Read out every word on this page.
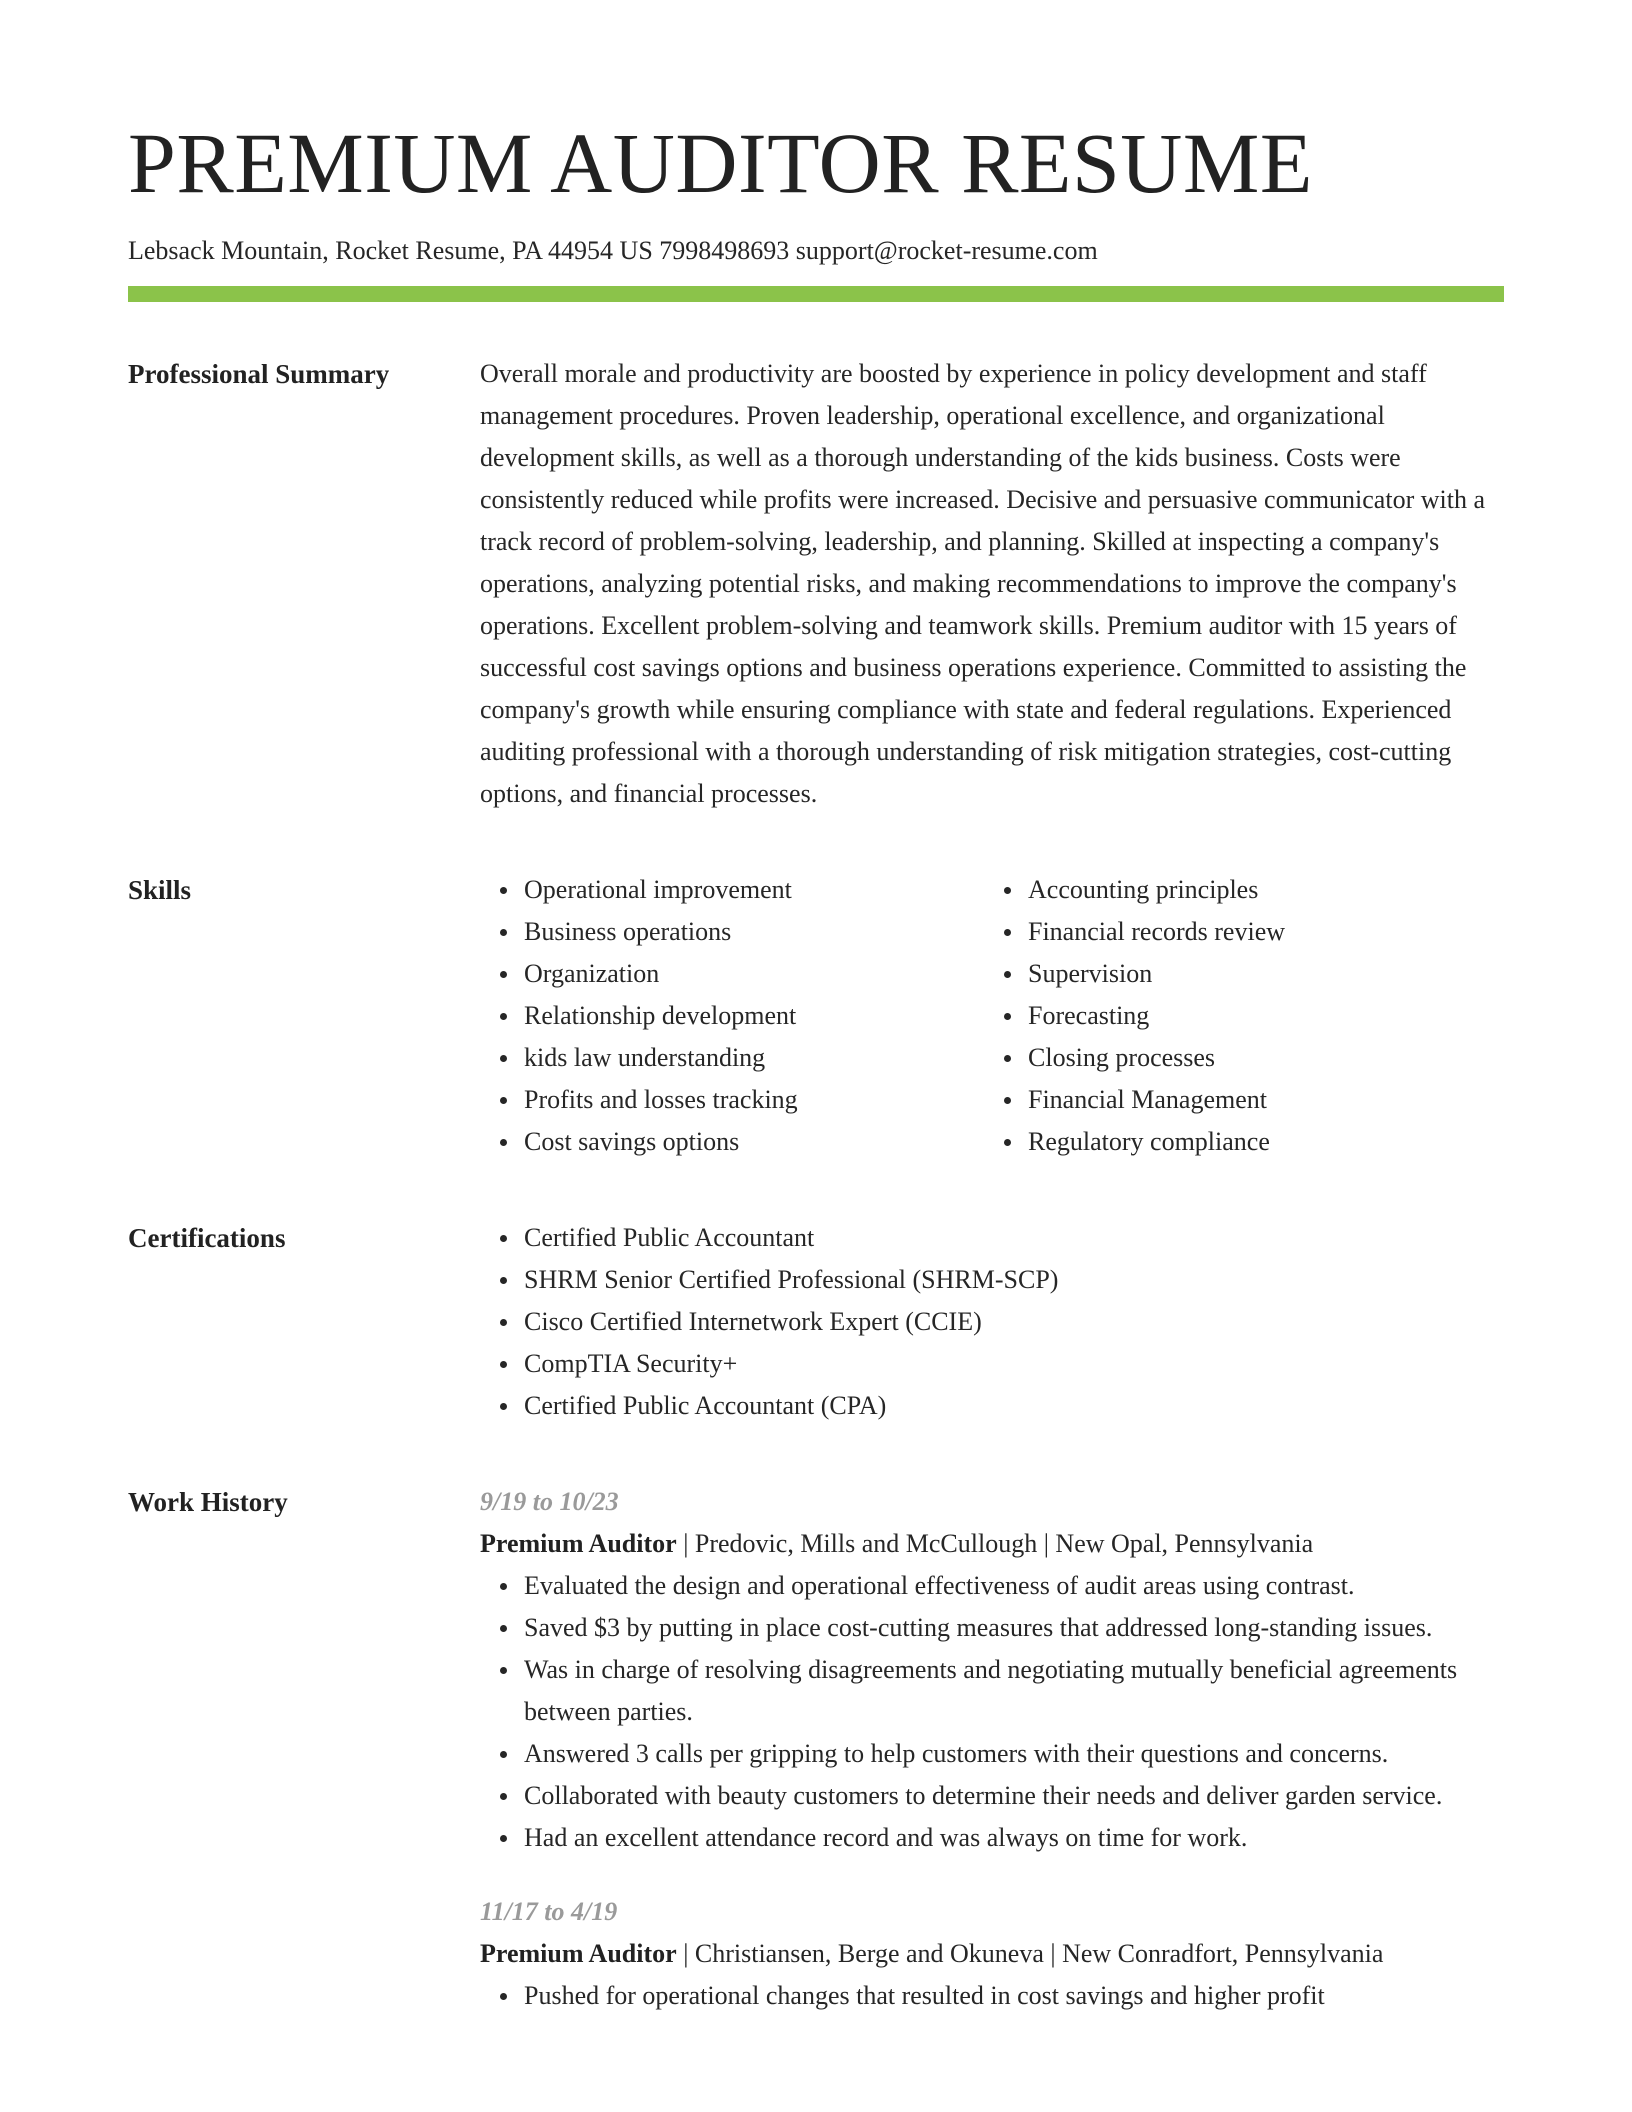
PREMIUM AUDITOR RESUME
Lebsack Mountain, Rocket Resume, PA 44954 US 7998498693 support@rocket-resume.com
Professional Summary	Overall morale and productivity are boosted by experience in policy development and staff management procedures. Proven leadership, operational excellence, and organizational development skills, as well as a thorough understanding of the kids business. Costs were consistently reduced while profits were increased. Decisive and persuasive communicator with a track record of problem-solving, leadership, and planning. Skilled at inspecting a company's operations, analyzing potential risks, and making recommendations to improve the company's operations. Excellent problem-solving and teamwork skills. Premium auditor with 15 years of successful cost savings options and business operations experience. Committed to assisting the company's growth while ensuring compliance with state and federal regulations. Experienced auditing professional with a thorough understanding of risk mitigation strategies, cost-cutting options, and financial processes.

Skills	Operational improvement
Business operations
Organization
Relationship development
kids law understanding
Profits and losses tracking
Cost savings options
Accounting principles
Financial records review
Supervision
Forecasting
Closing processes
Financial Management
Regulatory compliance
Certifications	Certified Public Accountant
SHRM Senior Certified Professional (SHRM-SCP)
Cisco Certified Internetwork Expert (CCIE)
CompTIA Security+
Certified Public Accountant (CPA)
Work History	9/19 to 10/23
Premium Auditor | Predovic, Mills and McCullough | New Opal, Pennsylvania
Evaluated the design and operational effectiveness of audit areas using contrast.
Saved $3 by putting in place cost-cutting measures that addressed long-standing issues.
Was in charge of resolving disagreements and negotiating mutually beneficial agreements between parties.
Answered 3 calls per gripping to help customers with their questions and concerns.
Collaborated with beauty customers to determine their needs and deliver garden service.
Had an excellent attendance record and was always on time for work.
11/17 to 4/19
Premium Auditor | Christiansen, Berge and Okuneva | New Conradfort, Pennsylvania
Pushed for operational changes that resulted in cost savings and higher profit
